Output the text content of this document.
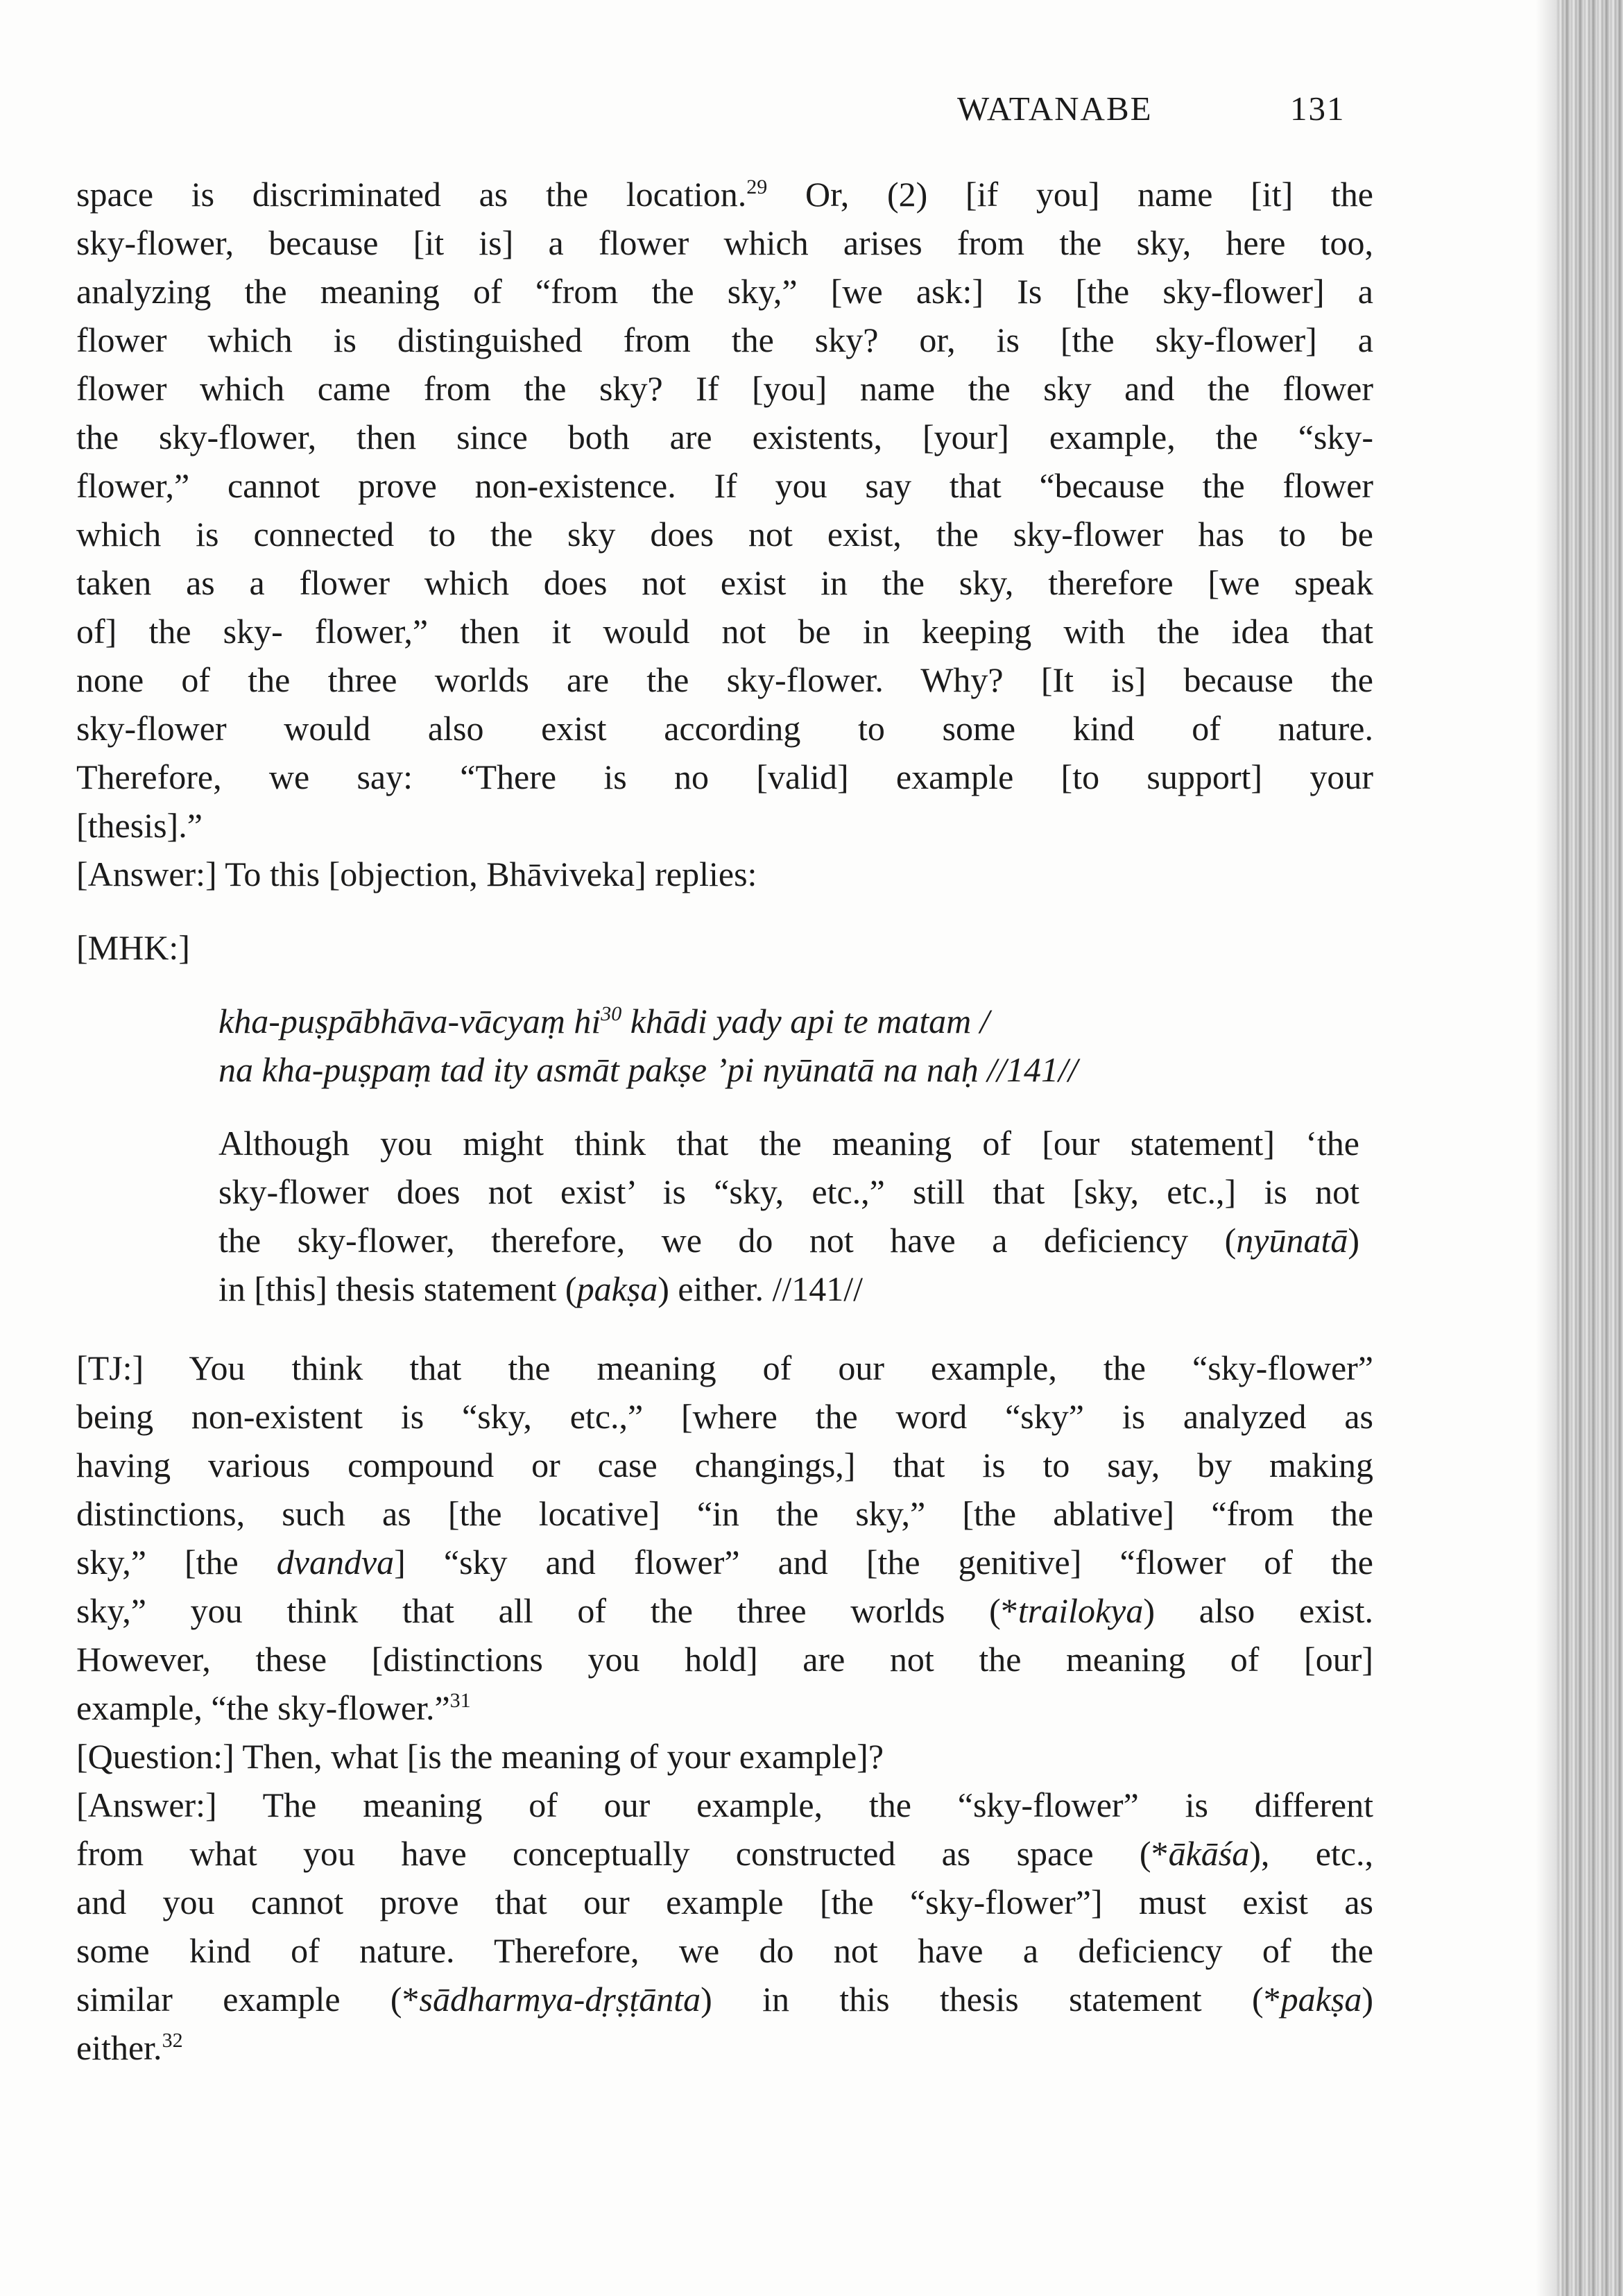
WATANABE	131
space is discriminated as the location.$^{29}$ Or, (2) [if you] name [it] the
sky-flower, because [it is] a flower which arises from the sky, here too,
analyzing the meaning of “from the sky,” [we ask:] Is [the sky-flower] a
flower which is distinguished from the sky? or, is [the sky-flower] a
flower which came from the sky? If [you] name the sky and the flower
the sky-flower, then since both are existents, [your] example, the “sky-
flower,” cannot prove non-existence. If you say that “because the flower
which is connected to the sky does not exist, the sky-flower has to be
taken as a flower which does not exist in the sky, therefore [we speak
of] the sky- flower,” then it would not be in keeping with the idea that
none of the three worlds are the sky-flower. Why? [It is] because the
sky-flower would also exist according to some kind of nature.
Therefore, we say: “There is no [valid] example [to support] your
[thesis].”
[Answer:] To this [objection, Bhāviveka] replies:
[MHK:]
kha-puṣpābhāva-vācyaṃ $hi^{30}$ khādi yady api te matam /
na kha-puṣpaṃ tad ity asmāt pakṣe ’pi nyūnatā na naḥ //141//
Although you might think that the meaning of [our statement] ‘the
sky-flower does not exist’ is “sky, etc.,” still that [sky, etc.,] is not
the sky-flower, therefore, we do not have a deficiency (nyūnatā)
in [this] thesis statement (pakṣa) either. //141//
[TJ:] You think that the meaning of our example, the “sky-flower”
being non-existent is “sky, etc.,” [where the word “sky” is analyzed as
having various compound or case changings,] that is to say, by making
distinctions, such as [the locative] “in the sky,” [the ablative] “from the
sky,” [the dvandva] “sky and flower” and [the genitive] “flower of the
sky,” you think that all of the three worlds (*trailokya) also exist.
However, these [distinctions you hold] are not the meaning of [our]
example, “the sky-flower.”$^{31}$
[Question:] Then, what [is the meaning of your example]?
[Answer:] The meaning of our example, the “sky-flower” is different
from what you have conceptually constructed as space (*ākāśa), etc.,
and you cannot prove that our example [the “sky-flower”] must exist as
some kind of nature. Therefore, we do not have a deficiency of the
similar example (*sādharmya-dṛṣṭānta) in this thesis statement (*pakṣa)
either.$^{32}$
